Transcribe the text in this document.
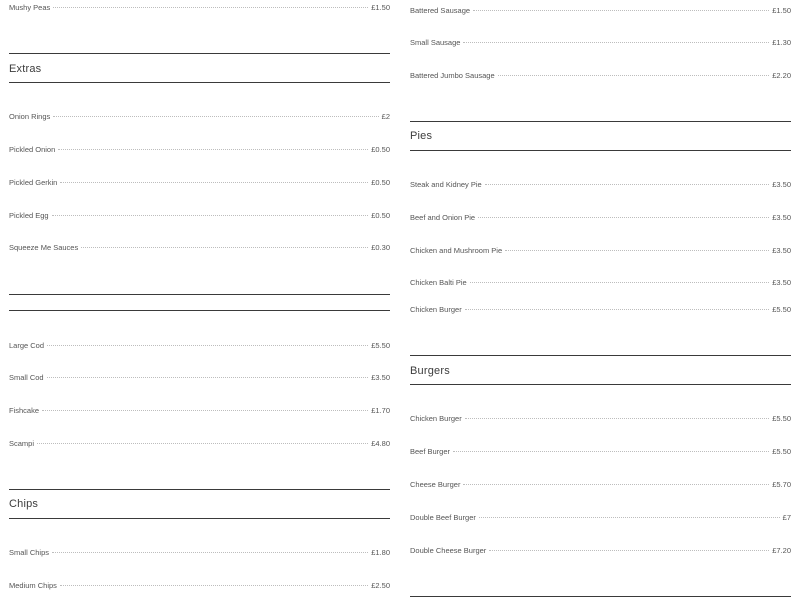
Mushy Peas	£1.50
Extras
Onion Rings	£2
Pickled Onion	£0.50
Pickled Gerkin	£0.50
Pickled Egg	£0.50
Squeeze Me Sauces	£0.30
Large Cod	£5.50
Small Cod	£3.50
Fishcake	£1.70
Scampi	£4.80
Chips
Small Chips	£1.80
Medium Chips	£2.50
Battered Sausage	£1.50
Small Sausage	£1.30
Battered Jumbo Sausage	£2.20
Pies
Steak and Kidney Pie	£3.50
Beef and Onion Pie	£3.50
Chicken and Mushroom Pie	£3.50
Chicken Balti Pie	£3.50
Chicken Burger	£5.50
Burgers
Chicken Burger	£5.50
Beef Burger	£5.50
Cheese Burger	£5.70
Double Beef Burger	£7
Double Cheese Burger	£7.20
